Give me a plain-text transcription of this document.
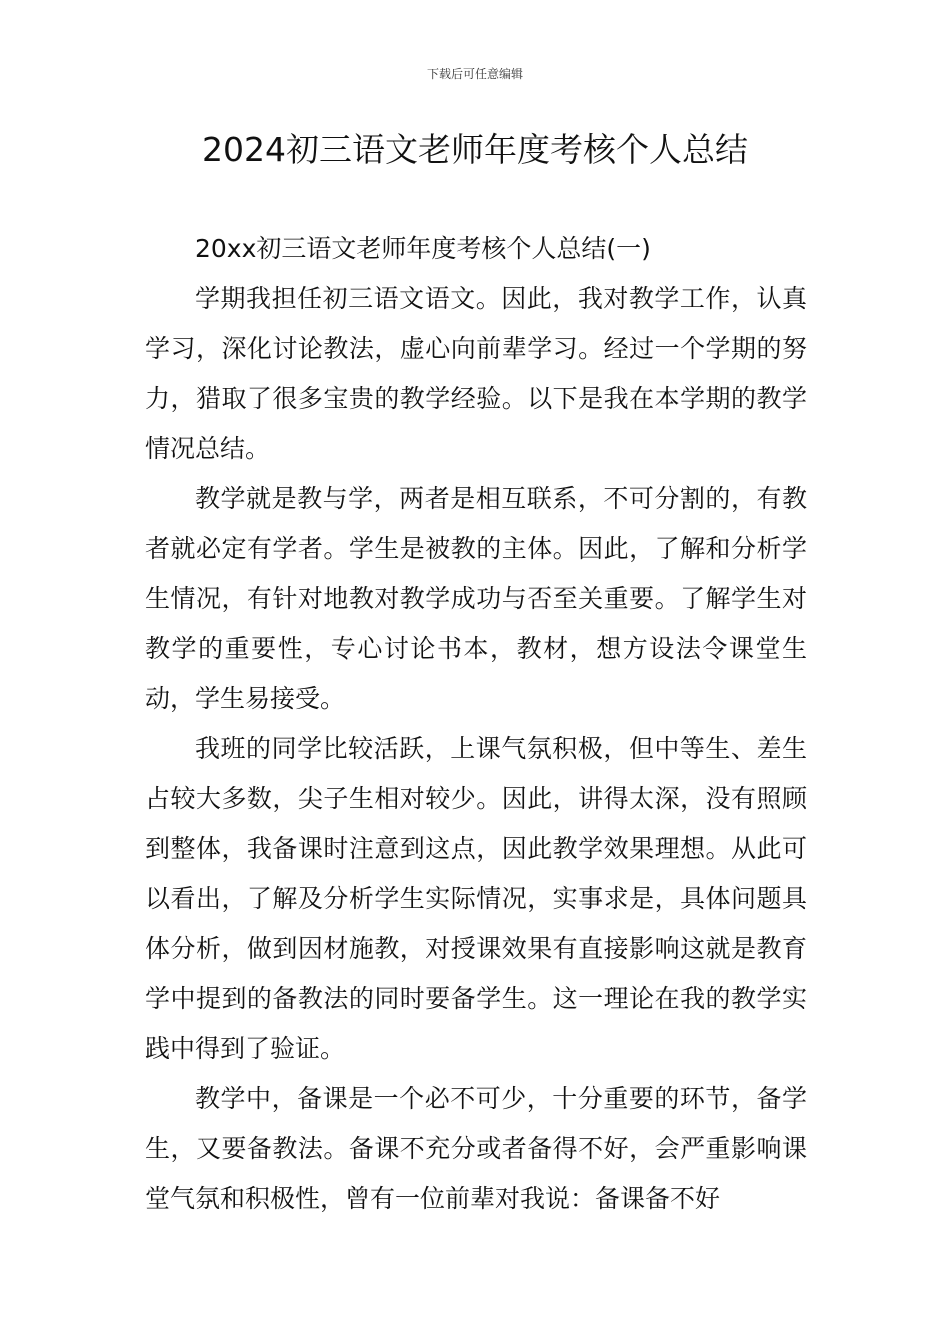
下载后可任意编辑
2024初三语文老师年度考核个人总结

20xx初三语文老师年度考核个人总结(一)

学期我担任初三语文语文。因此，我对教学工作，认真学习，深化讨论教法，虚心向前辈学习。经过一个学期的努力，猎取了很多宝贵的教学经验。以下是我在本学期的教学情况总结。

教学就是教与学，两者是相互联系，不可分割的，有教者就必定有学者。学生是被教的主体。因此，了解和分析学生情况，有针对地教对教学成功与否至关重要。了解学生对教学的重要性，专心讨论书本，教材，想方设法令课堂生动，学生易接受。

我班的同学比较活跃，上课气氛积极，但中等生、差生占较大多数，尖子生相对较少。因此，讲得太深，没有照顾到整体，我备课时注意到这点，因此教学效果理想。从此可以看出，了解及分析学生实际情况，实事求是，具体问题具体分析，做到因材施教，对授课效果有直接影响这就是教育学中提到的备教法的同时要备学生。这一理论在我的教学实践中得到了验证。

教学中，备课是一个必不可少，十分重要的环节，备学生，又要备教法。备课不充分或者备得不好，会严重影响课堂气氛和积极性，曾有一位前辈对我说：备课备不好
